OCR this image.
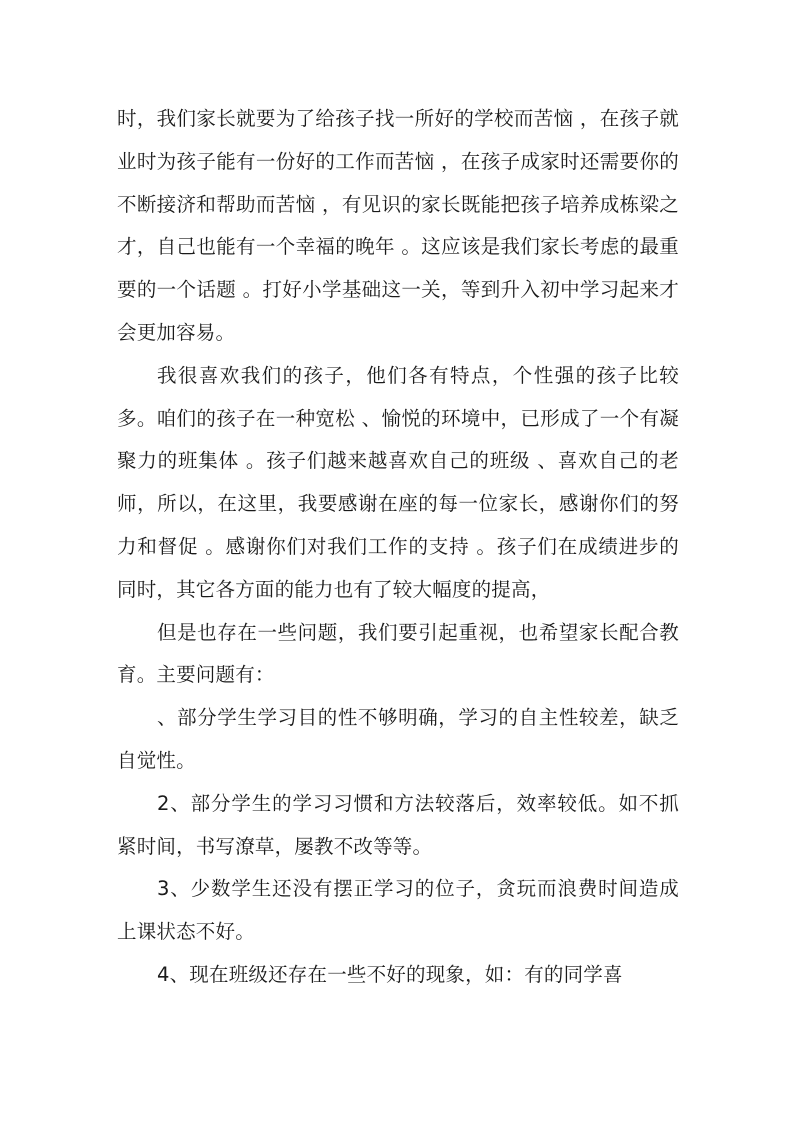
时，我们家长就要为了给孩子找一所好的学校而苦恼 ，在孩子就业时为孩子能有一份好的工作而苦恼 ，在孩子成家时还需要你的不断接济和帮助而苦恼 ，有见识的家长既能把孩子培养成栋梁之才，自己也能有一个幸福的晚年 。这应该是我们家长考虑的最重要的一个话题 。打好小学基础这一关，等到升入初中学习起来才会更加容易。

我很喜欢我们的孩子，他们各有特点，个性强的孩子比较多。咱们的孩子在一种宽松 、愉悦的环境中，已形成了一个有凝聚力的班集体 。孩子们越来越喜欢自己的班级 、喜欢自己的老师，所以，在这里，我要感谢在座的每一位家长，感谢你们的努力和督促 。感谢你们对我们工作的支持 。孩子们在成绩进步的同时，其它各方面的能力也有了较大幅度的提高，

但是也存在一些问题，我们要引起重视，也希望家长配合教育。主要问题有：

、部分学生学习目的性不够明确，学习的自主性较差，缺乏自觉性。

2、部分学生的学习习惯和方法较落后，效率较低。如不抓紧时间，书写潦草，屡教不改等等。

3、少数学生还没有摆正学习的位子，贪玩而浪费时间造成上课状态不好。

4、现在班级还存在一些不好的现象，如：有的同学喜
